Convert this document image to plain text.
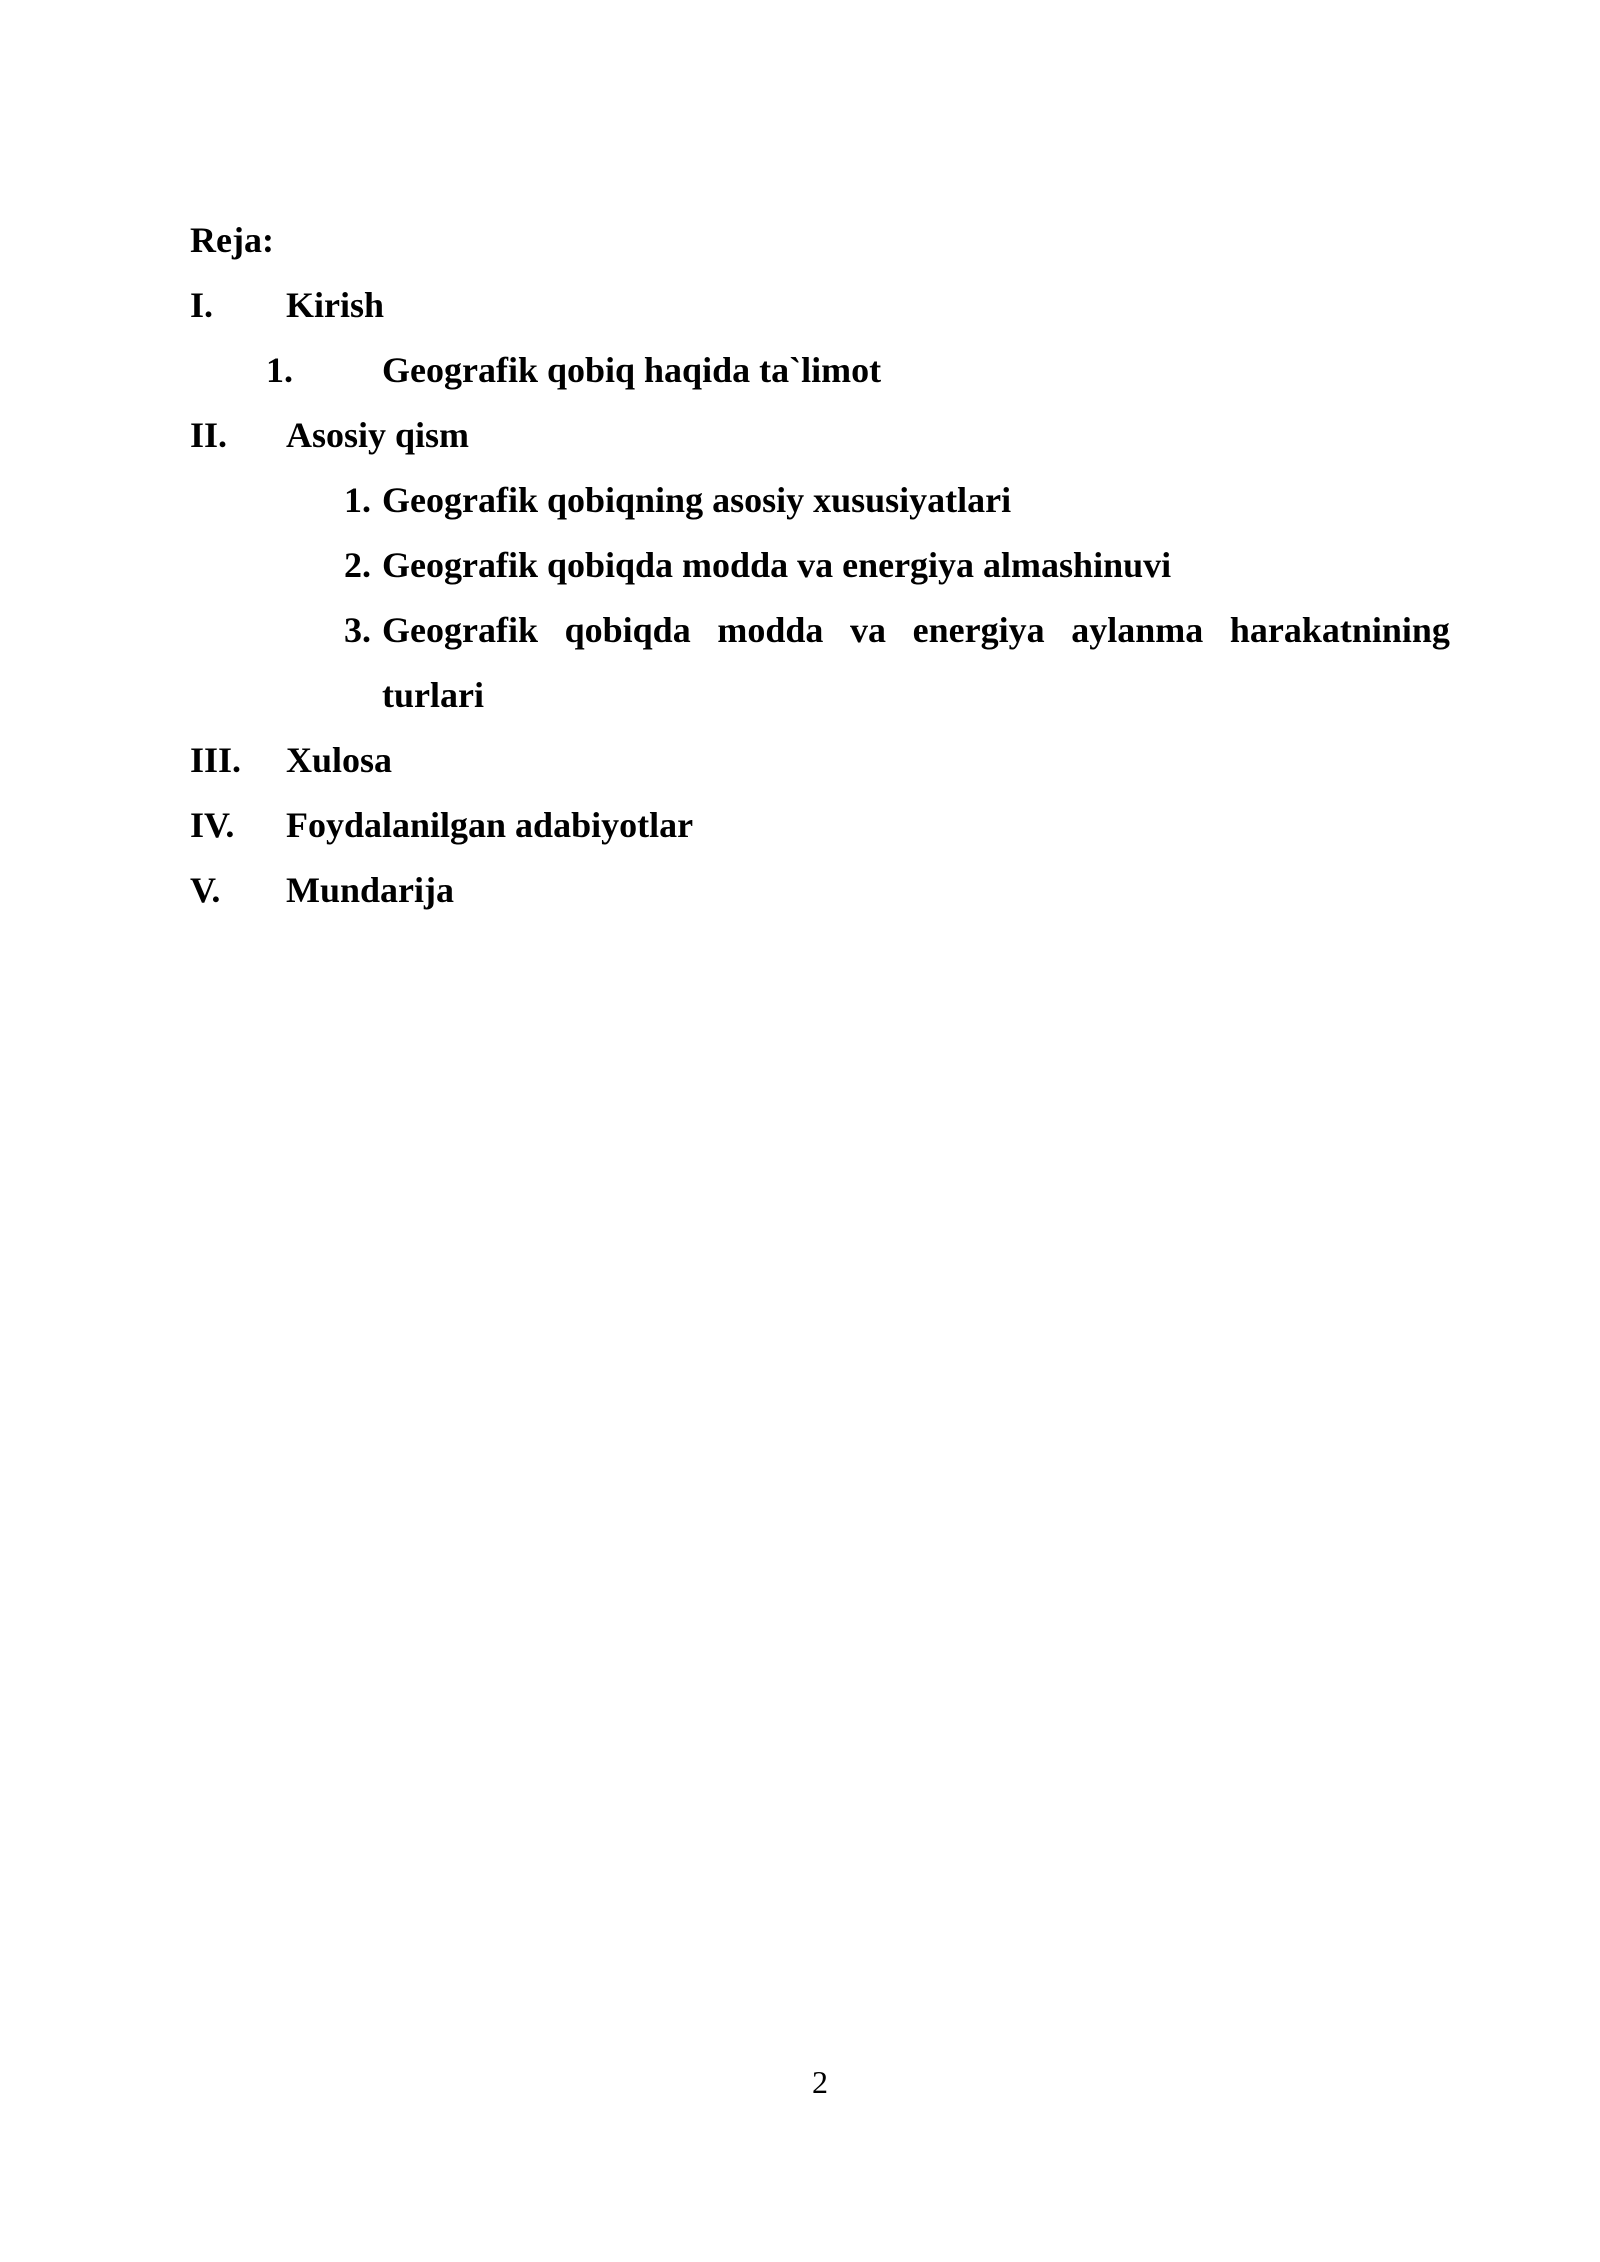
Reja:
I. Kirish
1. Geografik qobiq haqida ta`limot
II. Asosiy qism
1. Geografik qobiqning asosiy xususiyatlari
2. Geografik qobiqda modda va energiya almashinuvi
3. Geografik qobiqda modda va energiya aylanma harakatnining
turlari
III. Xulosa
IV. Foydalanilgan adabiyotlar
V. Mundarija
2
